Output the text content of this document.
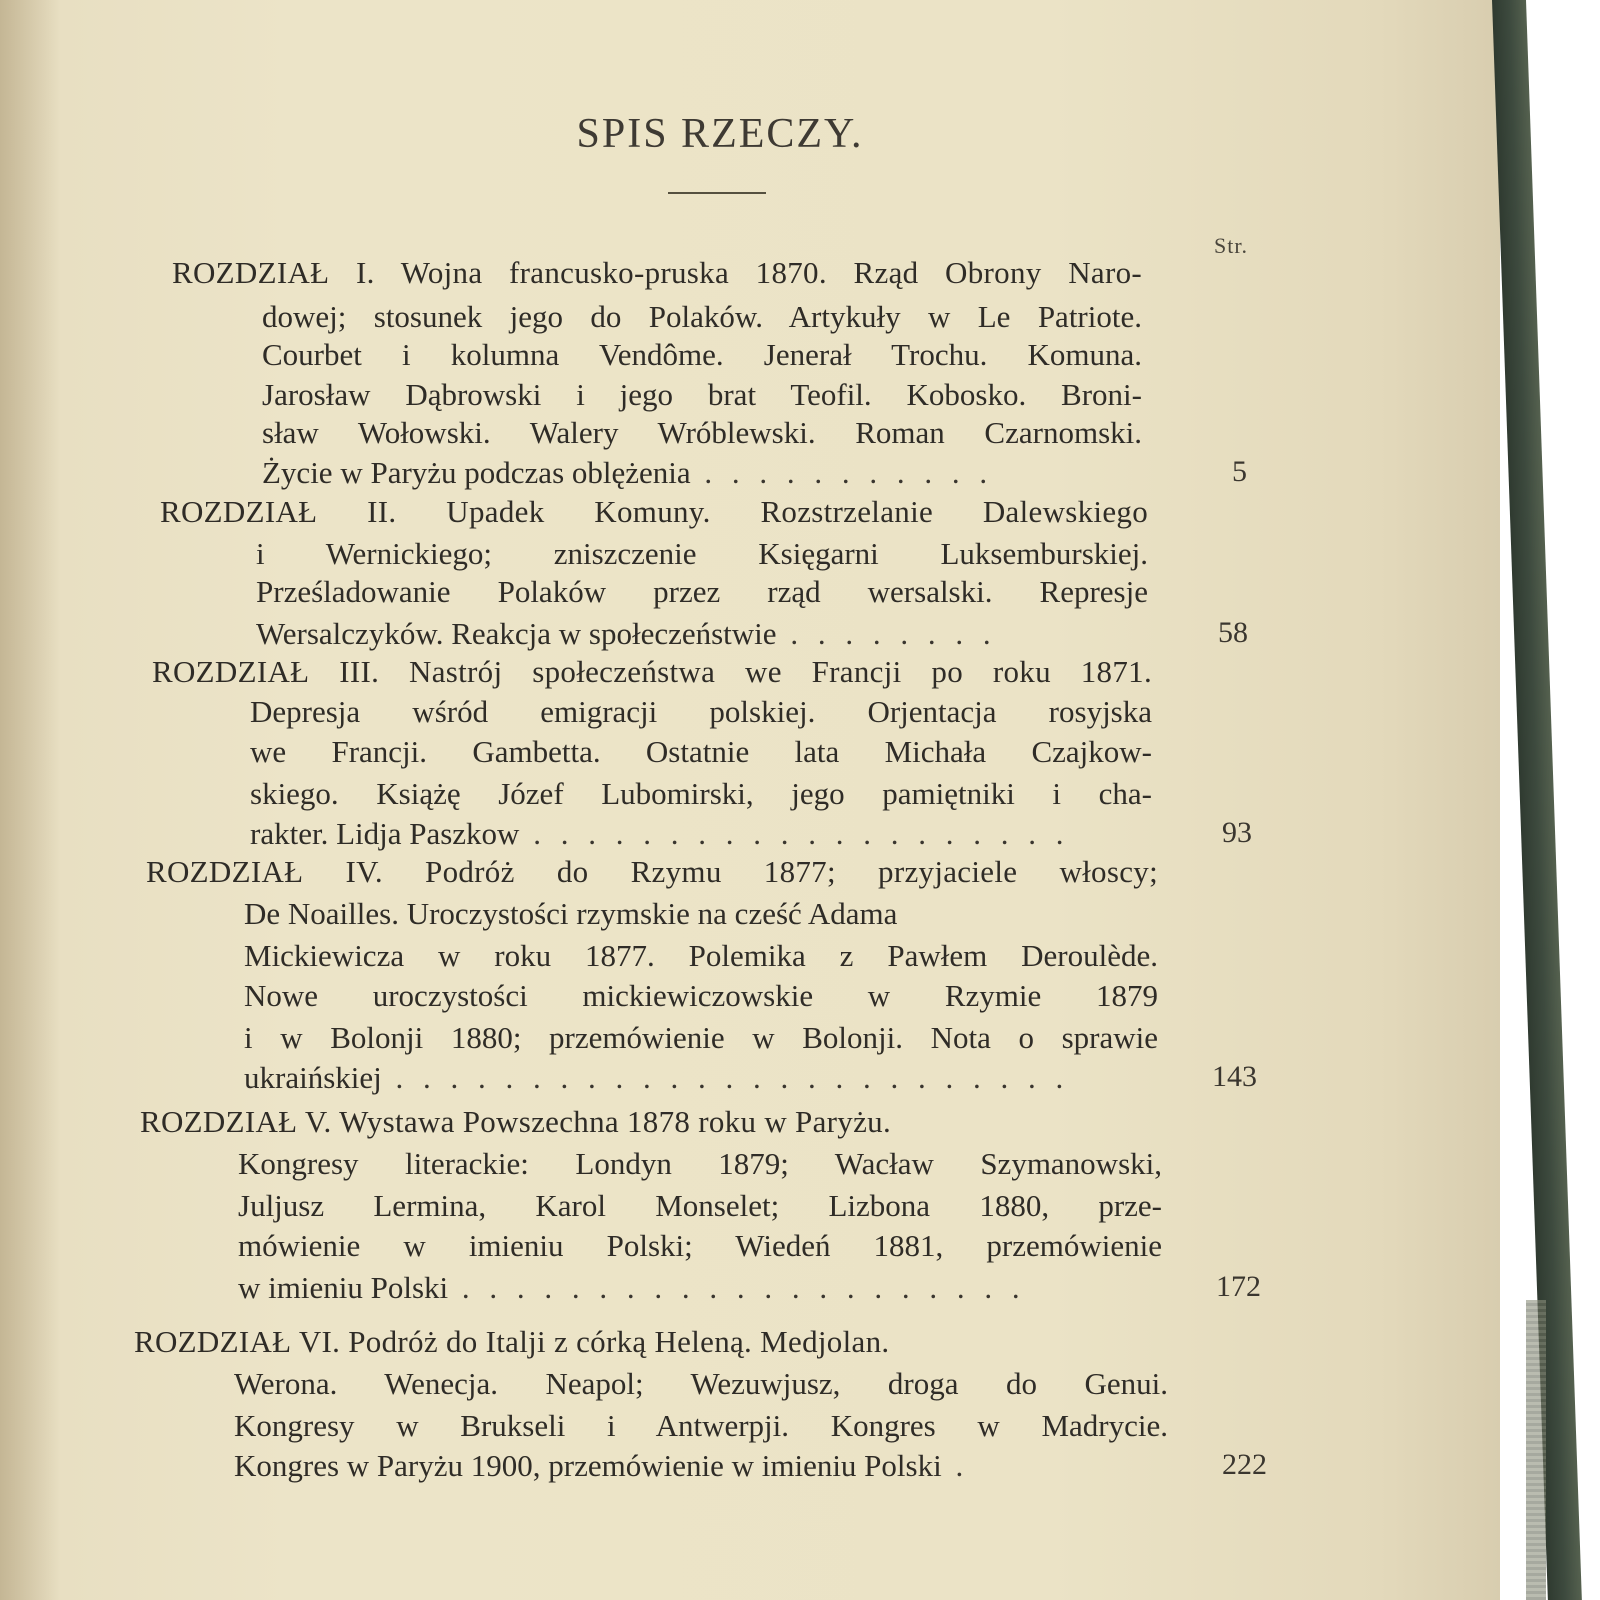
SPIS RZECZY.
Str.
ROZDZIAŁ I. Wojna francusko-pruska 1870. Rząd Obrony Naro-
dowej; stosunek jego do Polaków. Artykuły w Le Patriote.
Courbet i kolumna Vendôme. Jenerał Trochu. Komuna.
Jarosław Dąbrowski i jego brat Teofil. Kobosko. Broni-
sław Wołowski. Walery Wróblewski. Roman Czarnomski.
Życie w Paryżu podczas oblężenia . . . . . . . . . . .	5
ROZDZIAŁ II. Upadek Komuny. Rozstrzelanie Dalewskiego
i Wernickiego; zniszczenie Księgarni Luksemburskiej.
Prześladowanie Polaków przez rząd wersalski. Represje
Wersalczyków. Reakcja w społeczeństwie . . . . . . . .	58
ROZDZIAŁ III. Nastrój społeczeństwa we Francji po roku 1871.
Depresja wśród emigracji polskiej. Orjentacja rosyjska
we Francji. Gambetta. Ostatnie lata Michała Czajkow-
skiego. Książę Józef Lubomirski, jego pamiętniki i cha-
rakter. Lidja Paszkow . . . . . . . . . . . . . . . . . . . .	93
ROZDZIAŁ IV. Podróż do Rzymu 1877; przyjaciele włoscy;
De Noailles. Uroczystości rzymskie na cześć Adama
Mickiewicza w roku 1877. Polemika z Pawłem Deroulède.
Nowe uroczystości mickiewiczowskie w Rzymie 1879
i w Bolonji 1880; przemówienie w Bolonji. Nota o sprawie
ukraińskiej . . . . . . . . . . . . . . . . . . . . . . . . .	143
ROZDZIAŁ V. Wystawa Powszechna 1878 roku w Paryżu.
Kongresy literackie: Londyn 1879; Wacław Szymanowski,
Juljusz Lermina, Karol Monselet; Lizbona 1880, prze-
mówienie w imieniu Polski; Wiedeń 1881, przemówienie
w imieniu Polski . . . . . . . . . . . . . . . . . . . . .	172
ROZDZIAŁ VI. Podróż do Italji z córką Heleną. Medjolan.
Werona. Wenecja. Neapol; Wezuwjusz, droga do Genui.
Kongresy w Brukseli i Antwerpji. Kongres w Madrycie.
Kongres w Paryżu 1900, przemówienie w imieniu Polski .	222
